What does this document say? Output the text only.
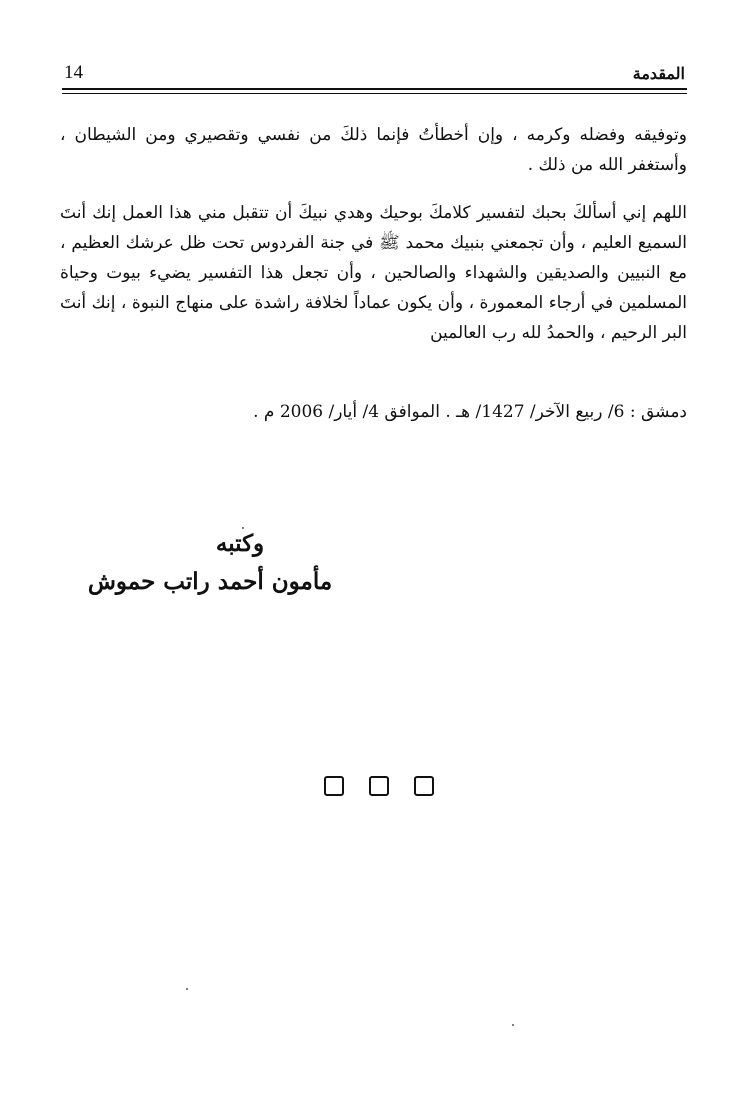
14	المقدمة

وتوفيقه وفضله وكرمه ، وإن أخطأتُ فإنما ذلكَ من نفسي وتقصيري ومن الشيطان ، وأستغفر الله من ذلك .

اللهم إني أسألكَ بحبك لتفسير كلامكَ بوحيك وهدي نبيكَ أن تتقبل مني هذا العمل إنك أنتَ السميع العليم ، وأن تجمعني بنبيك محمد ﷺ في جنة الفردوس تحت ظل عرشك العظيم ، مع النبيين والصديقين والشهداء والصالحين ، وأن تجعل هذا التفسير يضيء بيوت وحياة المسلمين في أرجاء المعمورة ، وأن يكون عماداً لخلافة راشدة على منهاج النبوة ، إنك أنتَ البر الرحيم ، والحمدُ لله رب العالمين

دمشق : 6/ ربيع الآخر/ 1427/ هـ . الموافق 4/ أيار/ 2006 م .

وكتبه
مأمون أحمد راتب حموش
